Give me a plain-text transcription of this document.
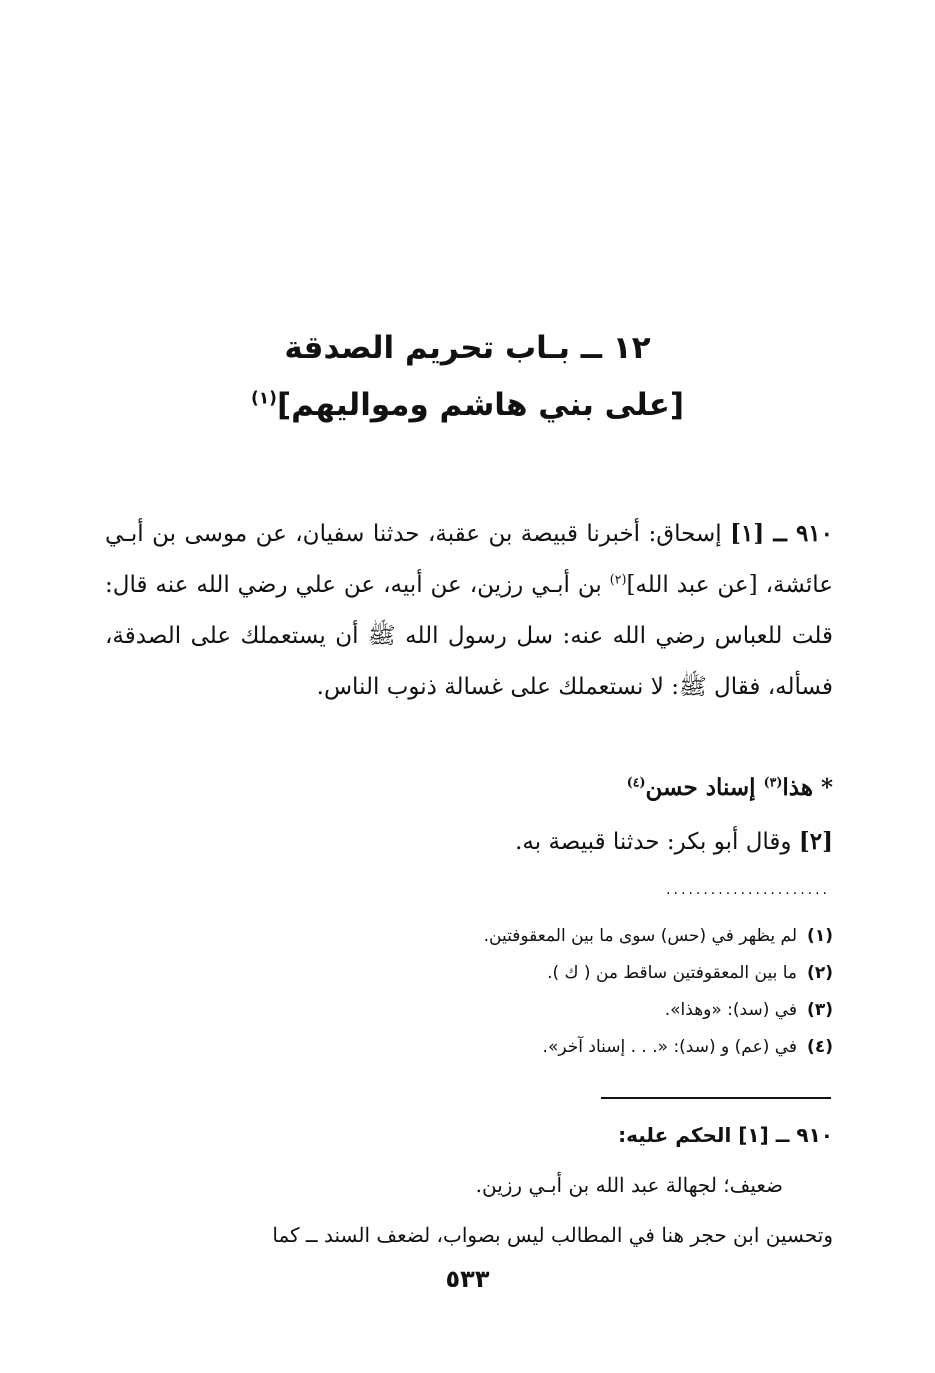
١٢ ــ بـاب تحريم الصدقة
[على بني هاشم ومواليهم]$^{(١)}$
٩١٠ ــ [١] إسحاق: أخبرنا قبيصة بن عقبة، حدثنا سفيان، عن موسى بن أبـي عائشة، [عن عبد الله]$^{(٢)}$ بن أبـي رزين، عن أبيه، عن علي رضي الله عنه قال: قلت للعباس رضي الله عنه: سل رسول الله ﷺ أن يستعملك على الصدقة، فسأله، فقال ﷺ: لا نستعملك على غسالة ذنوب الناس.
* هذا$^{(٣)}$ إسناد حسن$^{(٤)}$
[٢] وقال أبو بكر: حدثنا قبيصة به.
......................
(١)لم يظهر في (حس) سوى ما بين المعقوفتين.
(٢)ما بين المعقوفتين ساقط من ( ك ).
(٣)في (سد): «وهذا».
(٤)في (عم) و (سد): «. . . إسناد آخر».
٩١٠ ــ [١] الحكم عليه:
ضعيف؛ لجهالة عبد الله بن أبـي رزين.
وتحسين ابن حجر هنا في المطالب ليس بصواب، لضعف السند ــ كما
٥٣٣
